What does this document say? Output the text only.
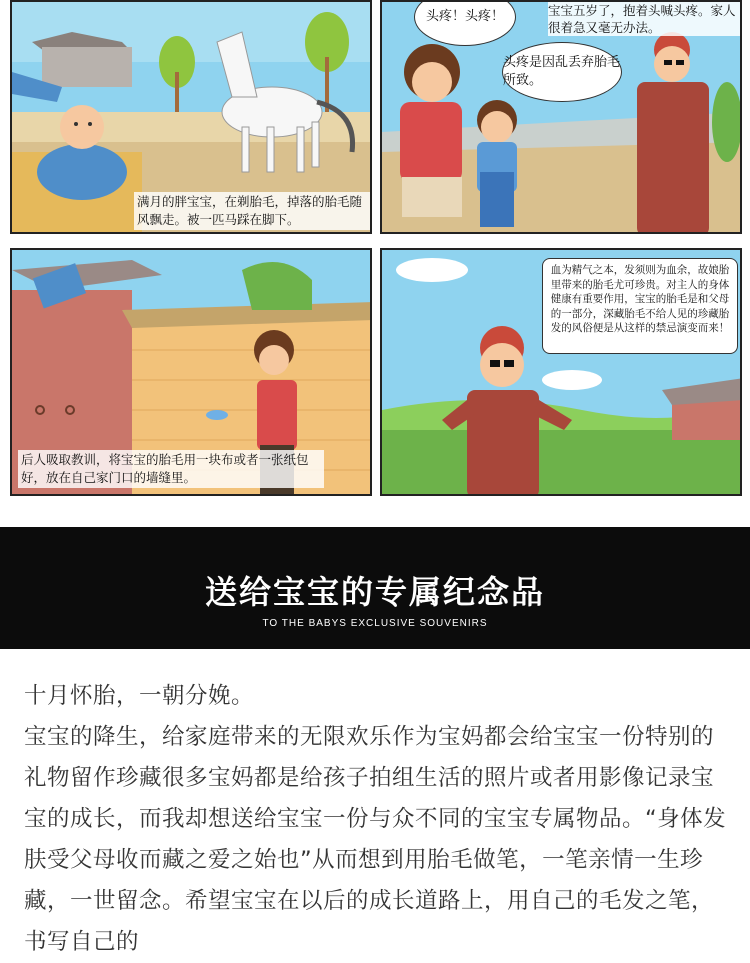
满月的胖宝宝，在剃胎毛，掉落的胎毛随风飘走。被一匹马踩在脚下。
宝宝五岁了，抱着头喊头疼。家人很着急又毫无办法。
头疼！头疼！
头疼是因乱丢弃胎毛所致。
后人吸取教训，将宝宝的胎毛用一块布或者一张纸包好，放在自己家门口的墙缝里。
血为精气之本，发须则为血余，故娘胎里带来的胎毛尤可珍贵。对主人的身体健康有重要作用，宝宝的胎毛是和父母的一部分，深藏胎毛不给人见的珍藏胎发的风俗便是从这样的禁忌演变而来！
送给宝宝的专属纪念品
TO THE BABYS EXCLUSIVE SOUVENIRS

十月怀胎，一朝分娩。

宝宝的降生，给家庭带来的无限欢乐作为宝妈都会给宝宝一份特别的礼物留作珍藏很多宝妈都是给孩子拍组生活的照片或者用影像记录宝宝的成长，而我却想送给宝宝一份与众不同的宝宝专属物品。“身体发肤受父母收而藏之爱之始也”从而想到用胎毛做笔，一笔亲情一生珍藏，一世留念。希望宝宝在以后的成长道路上，用自己的毛发之笔，书写自己的
